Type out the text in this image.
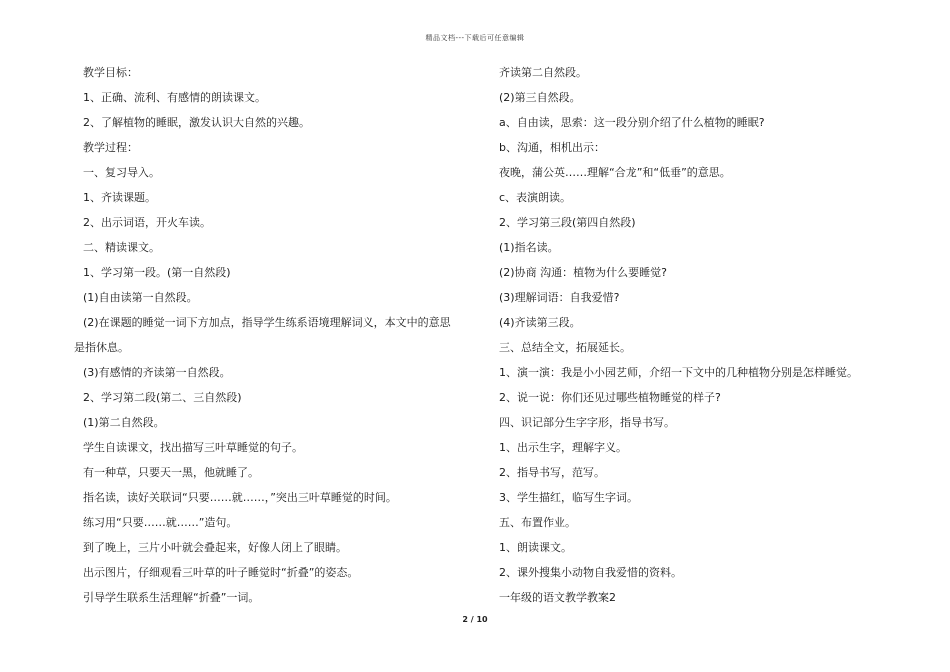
精品文档---下载后可任意编辑
教学目标：
1、正确、流利、有感情的朗读课文。
2、了解植物的睡眠，激发认识大自然的兴趣。
教学过程：
一、复习导入。
1、齐读课题。
2、出示词语，开火车读。
二、精读课文。
1、学习第一段。(第一自然段)
(1)自由读第一自然段。
(2)在课题的睡觉一词下方加点，指导学生练系语境理解词义，本文中的意思
是指休息。
(3)有感情的齐读第一自然段。
2、学习第二段(第二、三自然段)
(1)第二自然段。
学生自读课文，找出描写三叶草睡觉的句子。
有一种草，只要天一黑，他就睡了。
指名读，读好关联词“只要……就……，”突出三叶草睡觉的时间。
练习用“只要……就……”造句。
到了晚上，三片小叶就会叠起来，好像人闭上了眼睛。
出示图片，仔细观看三叶草的叶子睡觉时“折叠”的姿态。
引导学生联系生活理解“折叠”一词。
齐读第二自然段。
(2)第三自然段。
a、自由读，思索：这一段分别介绍了什么植物的睡眠?
b、沟通，相机出示：
夜晚，蒲公英……理解“合龙”和“低垂”的意思。
c、表演朗读。
2、学习第三段(第四自然段)
(1)指名读。
(2)协商 沟通：植物为什么要睡觉?
(3)理解词语：自我爱惜?
(4)齐读第三段。
三、总结全文，拓展延长。
1、演一演：我是小小园艺师，介绍一下文中的几种植物分别是怎样睡觉。
2、说一说：你们还见过哪些植物睡觉的样子?
四、识记部分生字字形，指导书写。
1、出示生字，理解字义。
2、指导书写，范写。
3、学生描红，临写生字词。
五、布置作业。
1、朗读课文。
2、课外搜集小动物自我爱惜的资料。
一年级的语文教学教案2
2 / 10
